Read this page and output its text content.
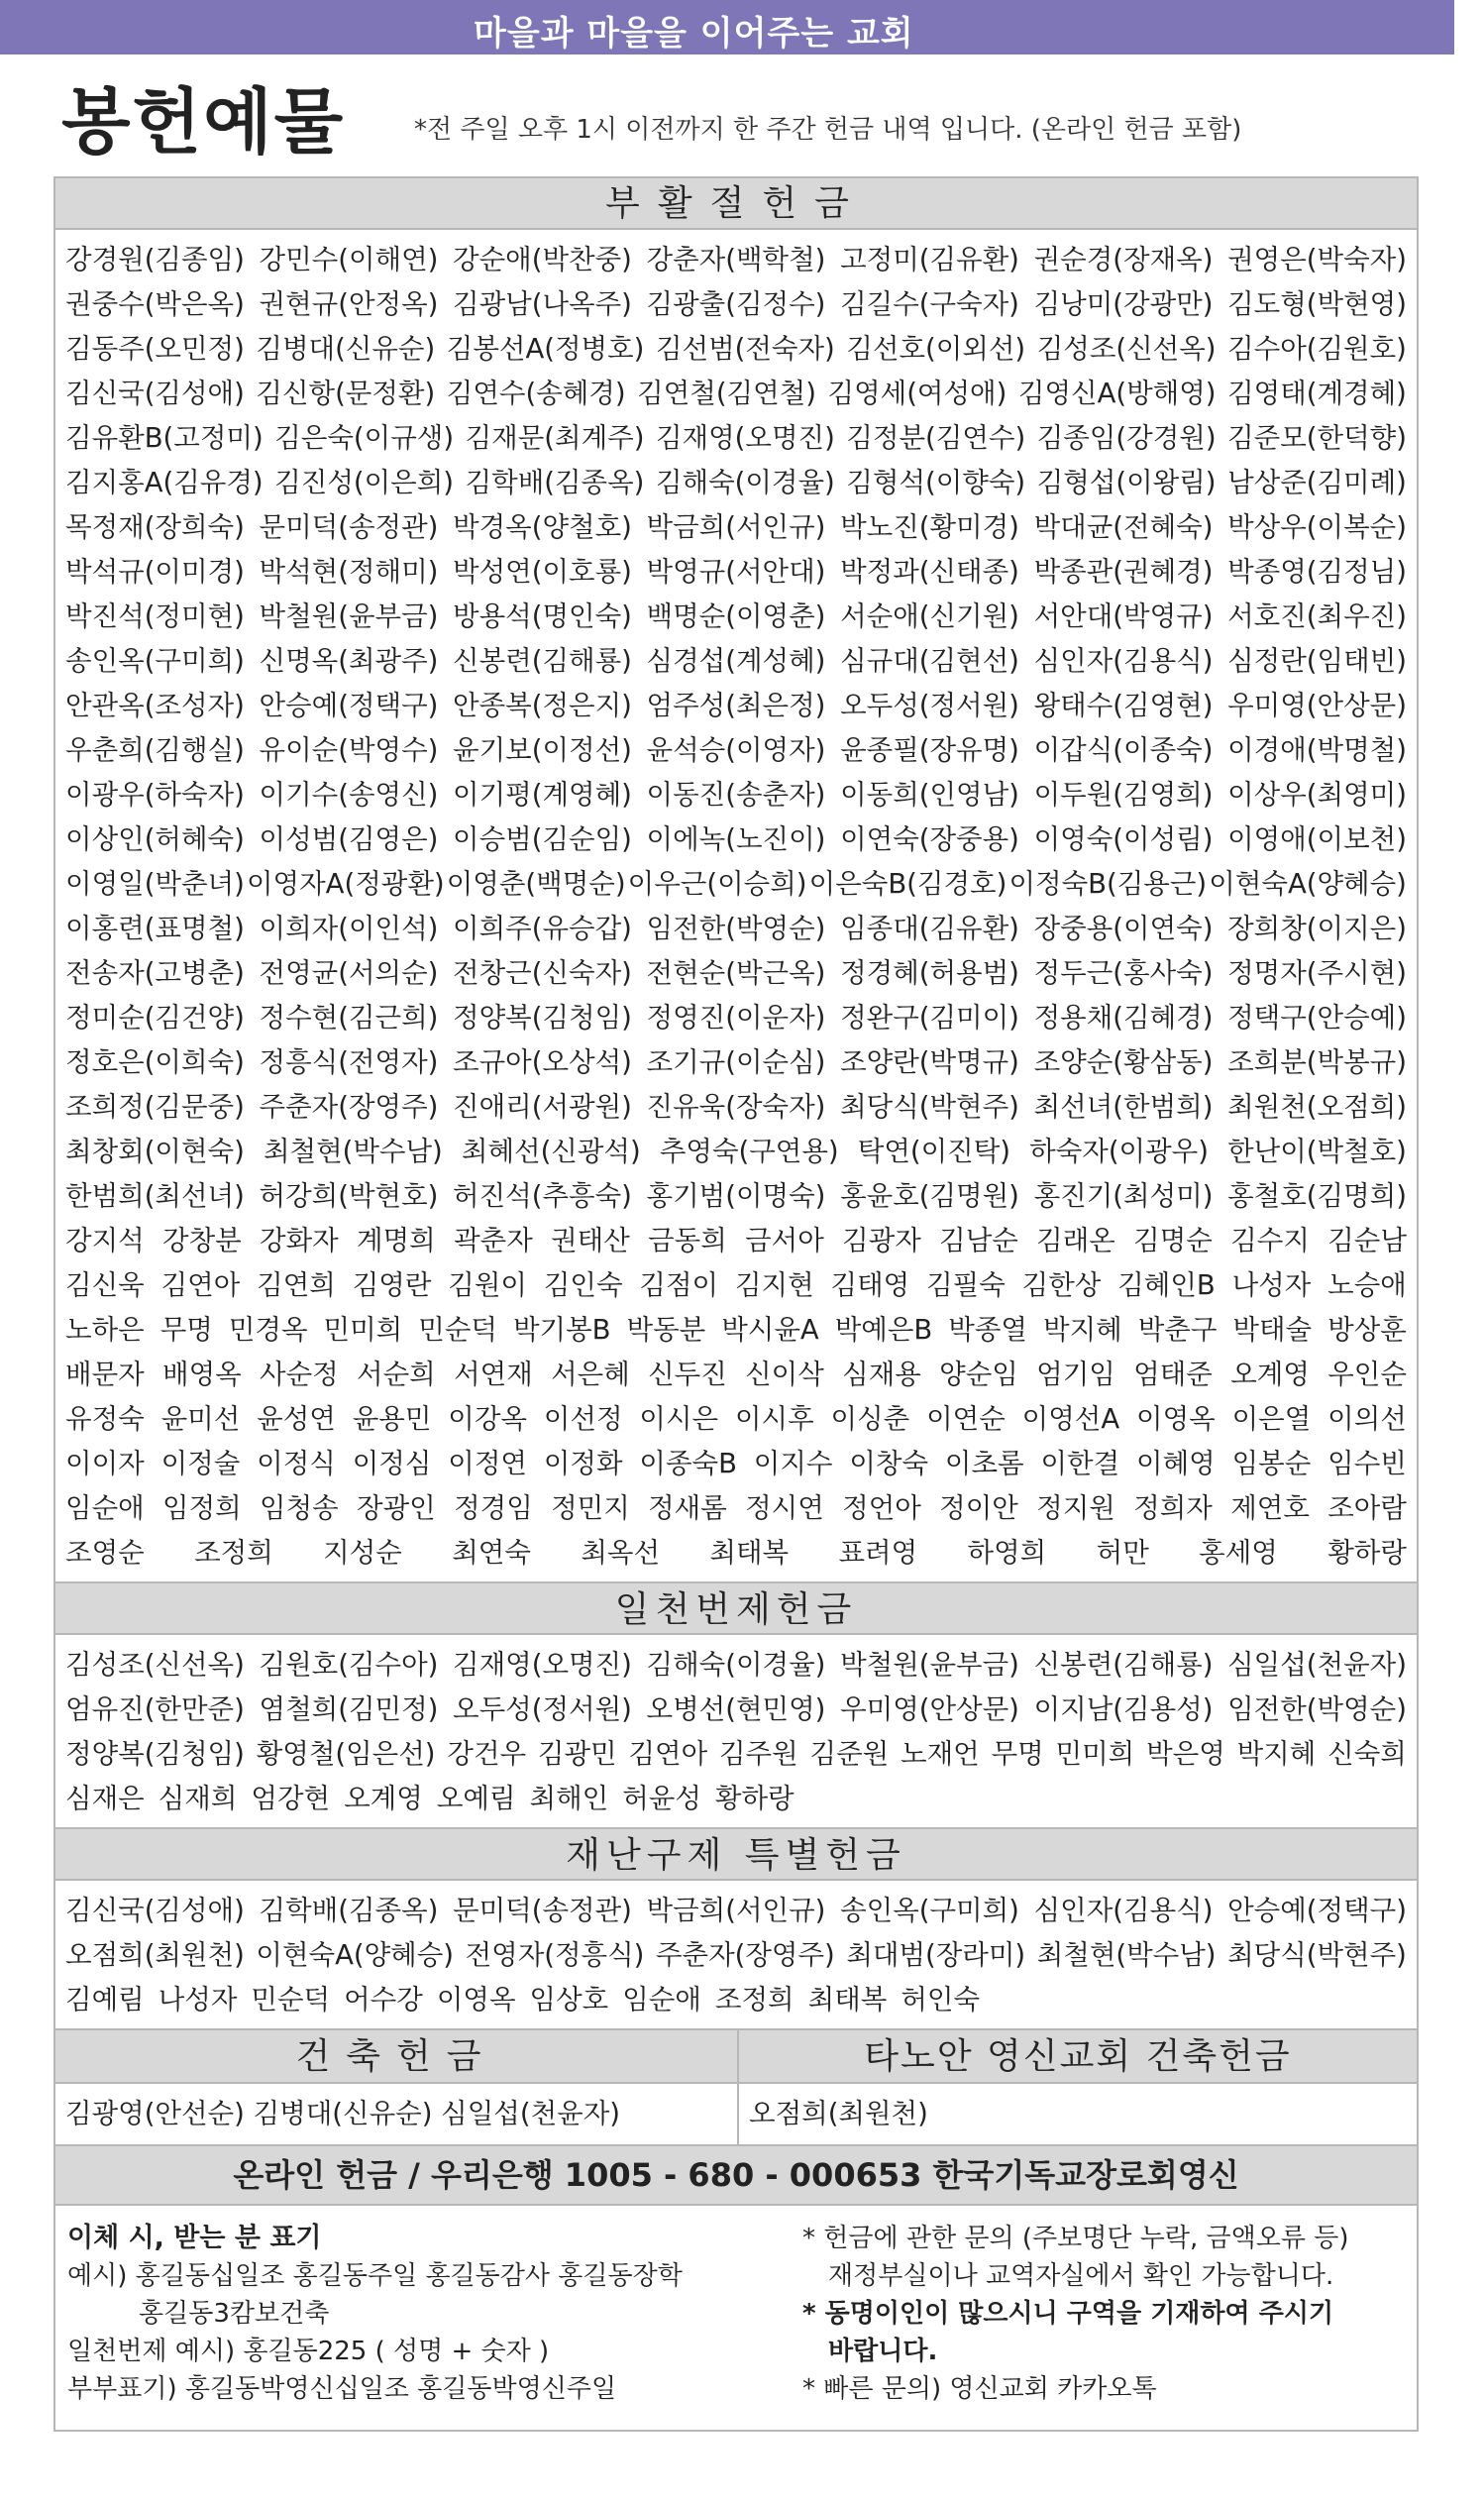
마을과 마을을 이어주는 교회
봉헌예물	*전 주일 오후 1시 이전까지 한 주간 헌금 내역 입니다. (온라인 헌금 포함)
부활절헌금
강경원(김종임) 강민수(이해연) 강순애(박찬중) 강춘자(백학철) 고정미(김유환) 권순경(장재옥) 권영은(박숙자)
권중수(박은옥) 권현규(안정옥) 김광남(나옥주) 김광출(김정수) 김길수(구숙자) 김낭미(강광만) 김도형(박현영)
김동주(오민정) 김병대(신유순) 김봉선A(정병호) 김선범(전숙자) 김선호(이외선) 김성조(신선옥) 김수아(김원호)
김신국(김성애) 김신항(문정환) 김연수(송혜경) 김연철(김연철) 김영세(여성애) 김영신A(방해영) 김영태(계경혜)
김유환B(고정미) 김은숙(이규생) 김재문(최계주) 김재영(오명진) 김정분(김연수) 김종임(강경원) 김준모(한덕향)
김지홍A(김유경) 김진성(이은희) 김학배(김종옥) 김해숙(이경율) 김형석(이향숙) 김형섭(이왕림) 남상준(김미례)
목정재(장희숙) 문미덕(송정관) 박경옥(양철호) 박금희(서인규) 박노진(황미경) 박대균(전혜숙) 박상우(이복순)
박석규(이미경) 박석현(정해미) 박성연(이호룡) 박영규(서안대) 박정과(신태종) 박종관(권혜경) 박종영(김정님)
박진석(정미현) 박철원(윤부금) 방용석(명인숙) 백명순(이영춘) 서순애(신기원) 서안대(박영규) 서호진(최우진)
송인옥(구미희) 신명옥(최광주) 신봉련(김해룡) 심경섭(계성혜) 심규대(김현선) 심인자(김용식) 심정란(임태빈)
안관옥(조성자) 안승예(정택구) 안종복(정은지) 엄주성(최은정) 오두성(정서원) 왕태수(김영현) 우미영(안상문)
우춘희(김행실) 유이순(박영수) 윤기보(이정선) 윤석승(이영자) 윤종필(장유명) 이갑식(이종숙) 이경애(박명철)
이광우(하숙자) 이기수(송영신) 이기평(계영혜) 이동진(송춘자) 이동희(인영남) 이두원(김영희) 이상우(최영미)
이상인(허혜숙) 이성범(김영은) 이승범(김순임) 이에녹(노진이) 이연숙(장중용) 이영숙(이성림) 이영애(이보천)
이영일(박춘녀) 이영자A(정광환) 이영춘(백명순) 이우근(이승희) 이은숙B(김경호) 이정숙B(김용근) 이현숙A(양혜승)
이홍련(표명철) 이희자(이인석) 이희주(유승갑) 임전한(박영순) 임종대(김유환) 장중용(이연숙) 장희창(이지은)
전송자(고병춘) 전영균(서의순) 전창근(신숙자) 전현순(박근옥) 정경혜(허용범) 정두근(홍사숙) 정명자(주시현)
정미순(김건양) 정수현(김근희) 정양복(김청임) 정영진(이운자) 정완구(김미이) 정용채(김혜경) 정택구(안승예)
정호은(이희숙) 정흥식(전영자) 조규아(오상석) 조기규(이순심) 조양란(박명규) 조양순(황삼동) 조희분(박봉규)
조희정(김문중) 주춘자(장영주) 진애리(서광원) 진유욱(장숙자) 최당식(박현주) 최선녀(한범희) 최원천(오점희)
최창회(이현숙) 최철현(박수남) 최혜선(신광석) 추영숙(구연용) 탁연(이진탁) 하숙자(이광우) 한난이(박철호)
한범희(최선녀) 허강희(박현호) 허진석(추흥숙) 홍기범(이명숙) 홍윤호(김명원) 홍진기(최성미) 홍철호(김명희)
강지석 강창분 강화자 계명희 곽춘자 권태산 금동희 금서아 김광자 김남순 김래온 김명순 김수지 김순남
김신욱 김연아 김연희 김영란 김원이 김인숙 김점이 김지현 김태영 김필숙 김한상 김혜인B 나성자 노승애
노하은 무명 민경옥 민미희 민순덕 박기봉B 박동분 박시윤A 박예은B 박종열 박지혜 박춘구 박태술 방상훈
배문자 배영옥 사순정 서순희 서연재 서은혜 신두진 신이삭 심재용 양순임 엄기임 엄태준 오계영 우인순
유정숙 윤미선 윤성연 윤용민 이강옥 이선정 이시은 이시후 이싱춘 이연순 이영선A 이영옥 이은열 이의선
이이자 이정술 이정식 이정심 이정연 이정화 이종숙B 이지수 이창숙 이초롬 이한결 이혜영 임봉순 임수빈
임순애 임정희 임청송 장광인 정경임 정민지 정새롬 정시연 정언아 정이안 정지원 정희자 제연호 조아람
조영순 조정희 지성순 최연숙 최옥선 최태복 표려영 하영희 허만 홍세영 황하랑
일천번제헌금
김성조(신선옥) 김원호(김수아) 김재영(오명진) 김해숙(이경율) 박철원(윤부금) 신봉련(김해룡) 심일섭(천윤자)
엄유진(한만준) 염철희(김민정) 오두성(정서원) 오병선(현민영) 우미영(안상문) 이지남(김용성) 임전한(박영순)
정양복(김청임) 황영철(임은선) 강건우 김광민 김연아 김주원 김준원 노재언 무명 민미희 박은영 박지혜 신숙희
심재은 심재희 엄강현 오계영 오예림 최해인 허윤성 황하랑
재난구제 특별헌금
김신국(김성애) 김학배(김종옥) 문미덕(송정관) 박금희(서인규) 송인옥(구미희) 심인자(김용식) 안승예(정택구)
오점희(최원천) 이현숙A(양혜승) 전영자(정흥식) 주춘자(장영주) 최대범(장라미) 최철현(박수남) 최당식(박현주)
김예림 나성자 민순덕 어수강 이영옥 임상호 임순애 조정희 최태복 허인숙
건축헌금
김광영(안선순) 김병대(신유순) 심일섭(천윤자)
타노안 영신교회 건축헌금
오점희(최원천)
온라인 헌금 / 우리은행 1005 - 680 - 000653 한국기독교장로회영신
이체 시, 받는 분 표기
예시) 홍길동십일조 홍길동주일 홍길동감사 홍길동장학
홍길동3캄보건축
일천번제 예시) 홍길동225 ( 성명 + 숫자 )
부부표기) 홍길동박영신십일조 홍길동박영신주일
* 헌금에 관한 문의 (주보명단 누락, 금액오류 등)
재정부실이나 교역자실에서 확인 가능합니다.
* 동명이인이 많으시니 구역을 기재하여 주시기
바랍니다.
* 빠른 문의) 영신교회 카카오톡
